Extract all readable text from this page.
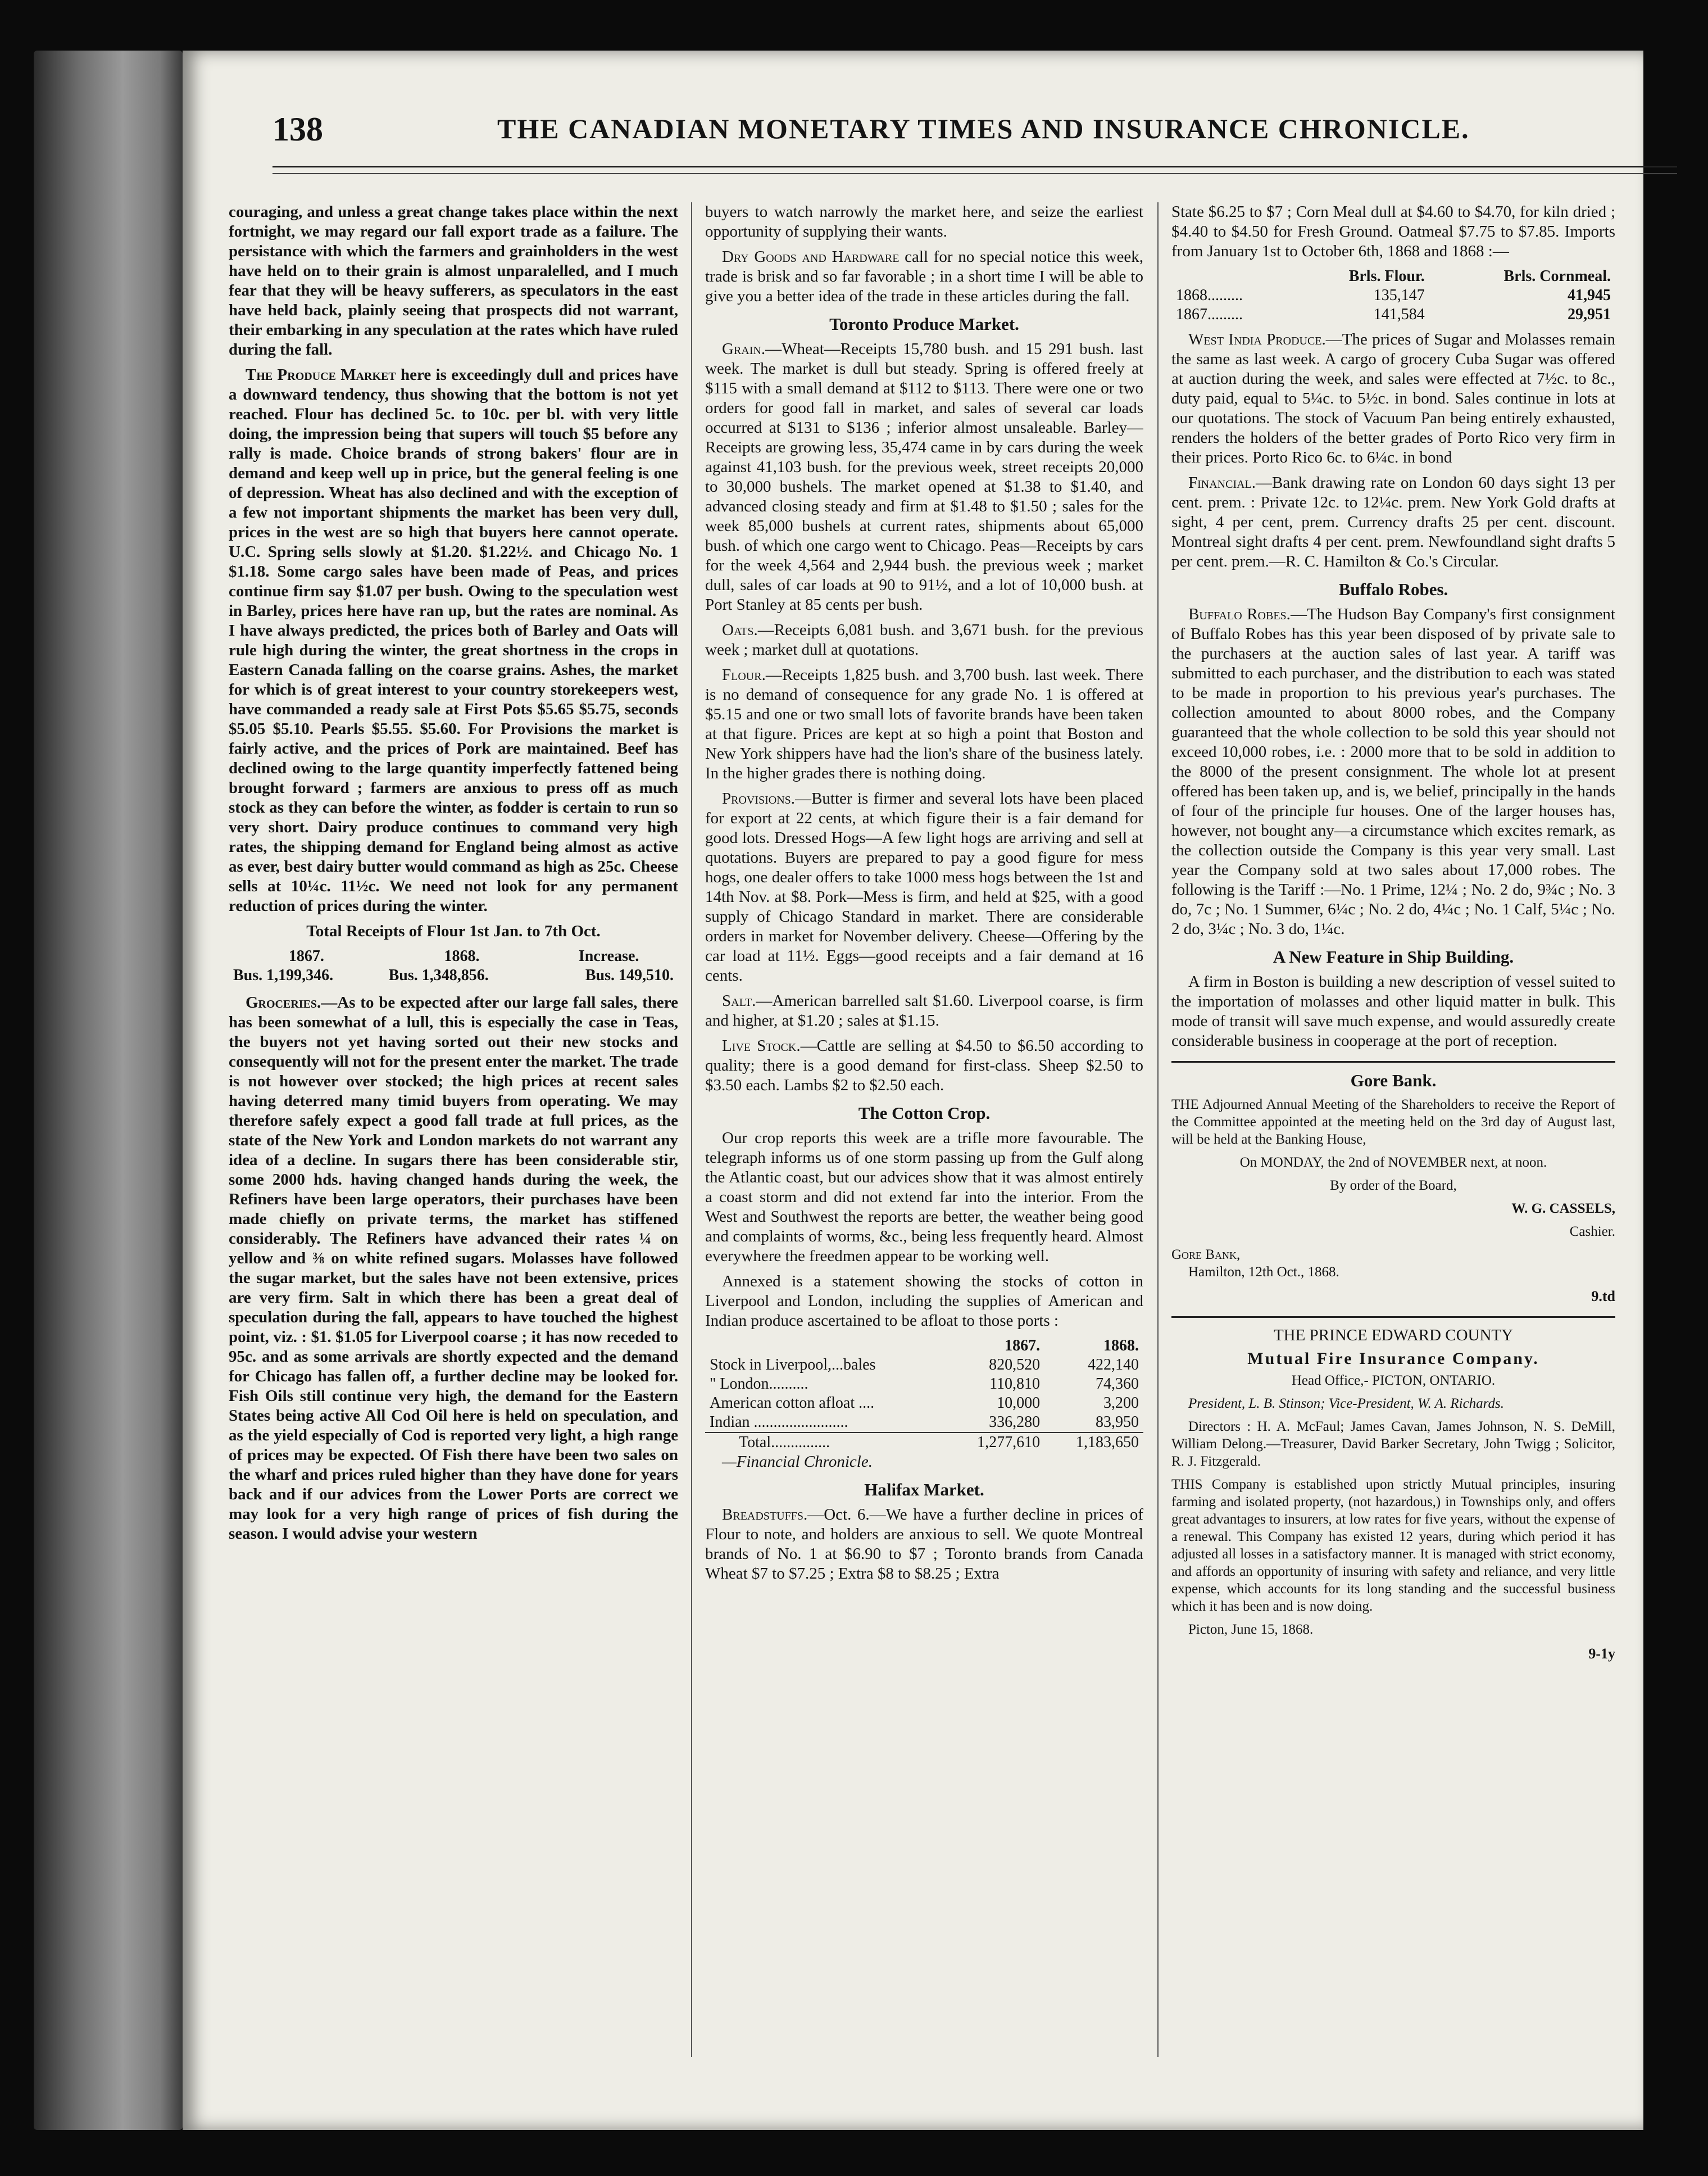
138	THE CANADIAN MONETARY TIMES AND INSURANCE CHRONICLE.

couraging, and unless a great change takes place within the next fortnight, we may regard our fall export trade as a failure. The persistance with which the farmers and grainholders in the west have held on to their grain is almost unparalelled, and I much fear that they will be heavy sufferers, as speculators in the east have held back, plainly seeing that prospects did not warrant, their embarking in any speculation at the rates which have ruled during the fall.

The Produce Market here is exceedingly dull and prices have a downward tendency, thus showing that the bottom is not yet reached. Flour has declined 5c. to 10c. per bl. with very little doing, the impression being that supers will touch $5 before any rally is made. Choice brands of strong bakers' flour are in demand and keep well up in price, but the general feeling is one of depression. Wheat has also declined and with the exception of a few not important shipments the market has been very dull, prices in the west are so high that buyers here cannot operate. U.C. Spring sells slowly at $1.20. $1.22½. and Chicago No. 1 $1.18. Some cargo sales have been made of Peas, and prices continue firm say $1.07 per bush. Owing to the speculation west in Barley, prices here have ran up, but the rates are nominal. As I have always predicted, the prices both of Barley and Oats will rule high during the winter, the great shortness in the crops in Eastern Canada falling on the coarse grains. Ashes, the market for which is of great interest to your country storekeepers west, have commanded a ready sale at First Pots $5.65 $5.75, seconds $5.05 $5.10. Pearls $5.55. $5.60. For Provisions the market is fairly active, and the prices of Pork are maintained. Beef has declined owing to the large quantity imperfectly fattened being brought forward ; farmers are anxious to press off as much stock as they can before the winter, as fodder is certain to run so very short. Dairy produce continues to command very high rates, the shipping demand for England being almost as active as ever, best dairy butter would command as high as 25c. Cheese sells at 10¼c. 11½c. We need not look for any permanent reduction of prices during the winter.

Total Receipts of Flour 1st Jan. to 7th Oct.

1867.	1868.	Increase.
Bus. 1,199,346.	Bus. 1,348,856.	Bus. 149,510.

Groceries.—As to be expected after our large fall sales, there has been somewhat of a lull, this is especially the case in Teas, the buyers not yet having sorted out their new stocks and consequently will not for the present enter the market. The trade is not however over stocked; the high prices at recent sales having deterred many timid buyers from operating. We may therefore safely expect a good fall trade at full prices, as the state of the New York and London markets do not warrant any idea of a decline. In sugars there has been considerable stir, some 2000 hds. having changed hands during the week, the Refiners have been large operators, their purchases have been made chiefly on private terms, the market has stiffened considerably. The Refiners have advanced their rates ¼ on yellow and ⅜ on white refined sugars. Molasses have followed the sugar market, but the sales have not been extensive, prices are very firm. Salt in which there has been a great deal of speculation during the fall, appears to have touched the highest point, viz. : $1. $1.05 for Liverpool coarse ; it has now receded to 95c. and as some arrivals are shortly expected and the demand for Chicago has fallen off, a further decline may be looked for. Fish Oils still continue very high, the demand for the Eastern States being active All Cod Oil here is held on speculation, and as the yield especially of Cod is reported very light, a high range of prices may be expected. Of Fish there have been two sales on the wharf and prices ruled higher than they have done for years back and if our advices from the Lower Ports are correct we may look for a very high range of prices of fish during the season. I would advise your western

buyers to watch narrowly the market here, and seize the earliest opportunity of supplying their wants.

Dry Goods and Hardware call for no special notice this week, trade is brisk and so far favorable ; in a short time I will be able to give you a better idea of the trade in these articles during the fall.

Toronto Produce Market.

Grain.—Wheat—Receipts 15,780 bush. and 15 291 bush. last week. The market is dull but steady. Spring is offered freely at $115 with a small demand at $112 to $113. There were one or two orders for good fall in market, and sales of several car loads occurred at $131 to $136 ; inferior almost unsaleable. Barley—Receipts are growing less, 35,474 came in by cars during the week against 41,103 bush. for the previous week, street receipts 20,000 to 30,000 bushels. The market opened at $1.38 to $1.40, and advanced closing steady and firm at $1.48 to $1.50 ; sales for the week 85,000 bushels at current rates, shipments about 65,000 bush. of which one cargo went to Chicago. Peas—Receipts by cars for the week 4,564 and 2,944 bush. the previous week ; market dull, sales of car loads at 90 to 91½, and a lot of 10,000 bush. at Port Stanley at 85 cents per bush.

Oats.—Receipts 6,081 bush. and 3,671 bush. for the previous week ; market dull at quotations.

Flour.—Receipts 1,825 bush. and 3,700 bush. last week. There is no demand of consequence for any grade No. 1 is offered at $5.15 and one or two small lots of favorite brands have been taken at that figure. Prices are kept at so high a point that Boston and New York shippers have had the lion's share of the business lately. In the higher grades there is nothing doing.

Provisions.—Butter is firmer and several lots have been placed for export at 22 cents, at which figure their is a fair demand for good lots. Dressed Hogs—A few light hogs are arriving and sell at quotations. Buyers are prepared to pay a good figure for mess hogs, one dealer offers to take 1000 mess hogs between the 1st and 14th Nov. at $8. Pork—Mess is firm, and held at $25, with a good supply of Chicago Standard in market. There are considerable orders in market for November delivery. Cheese—Offering by the car load at 11½. Eggs—good receipts and a fair demand at 16 cents.

Salt.—American barrelled salt $1.60. Liverpool coarse, is firm and higher, at $1.20 ; sales at $1.15.

Live Stock.—Cattle are selling at $4.50 to $6.50 according to quality; there is a good demand for first-class. Sheep $2.50 to $3.50 each. Lambs $2 to $2.50 each.

The Cotton Crop.

Our crop reports this week are a trifle more favourable. The telegraph informs us of one storm passing up from the Gulf along the Atlantic coast, but our advices show that it was almost entirely a coast storm and did not extend far into the interior. From the West and Southwest the reports are better, the weather being good and complaints of worms, &c., being less frequently heard. Almost everywhere the freedmen appear to be working well.

Annexed is a statement showing the stocks of cotton in Liverpool and London, including the supplies of American and Indian produce ascertained to be afloat to those ports :

	1867.	1868.
Stock in Liverpool,...bales	820,520	422,140
" London..........	110,810	74,360
American cotton afloat ....	10,000	3,200
Indian ........................	336,280	83,950
Total...............	1,277,610	1,183,650

—Financial Chronicle.

Halifax Market.

Breadstuffs.—Oct. 6.—We have a further decline in prices of Flour to note, and holders are anxious to sell. We quote Montreal brands of No. 1 at $6.90 to $7 ; Toronto brands from Canada Wheat $7 to $7.25 ; Extra $8 to $8.25 ; Extra

State $6.25 to $7 ; Corn Meal dull at $4.60 to $4.70, for kiln dried ; $4.40 to $4.50 for Fresh Ground. Oatmeal $7.75 to $7.85. Imports from January 1st to October 6th, 1868 and 1868 :—

	Brls. Flour.	Brls. Cornmeal.
1868.........	135,147	41,945
1867.........	141,584	29,951

West India Produce.—The prices of Sugar and Molasses remain the same as last week. A cargo of grocery Cuba Sugar was offered at auction during the week, and sales were effected at 7½c. to 8c., duty paid, equal to 5¼c. to 5½c. in bond. Sales continue in lots at our quotations. The stock of Vacuum Pan being entirely exhausted, renders the holders of the better grades of Porto Rico very firm in their prices. Porto Rico 6c. to 6¼c. in bond

Financial.—Bank drawing rate on London 60 days sight 13 per cent. prem. : Private 12c. to 12¼c. prem. New York Gold drafts at sight, 4 per cent, prem. Currency drafts 25 per cent. discount. Montreal sight drafts 4 per cent. prem. Newfoundland sight drafts 5 per cent. prem.—R. C. Hamilton & Co.'s Circular.

Buffalo Robes.

Buffalo Robes.—The Hudson Bay Company's first consignment of Buffalo Robes has this year been disposed of by private sale to the purchasers at the auction sales of last year. A tariff was submitted to each purchaser, and the distribution to each was stated to be made in proportion to his previous year's purchases. The collection amounted to about 8000 robes, and the Company guaranteed that the whole collection to be sold this year should not exceed 10,000 robes, i.e. : 2000 more that to be sold in addition to the 8000 of the present consignment. The whole lot at present offered has been taken up, and is, we belief, principally in the hands of four of the principle fur houses. One of the larger houses has, however, not bought any—a circumstance which excites remark, as the collection outside the Company is this year very small. Last year the Company sold at two sales about 17,000 robes. The following is the Tariff :—No. 1 Prime, 12¼ ; No. 2 do, 9¾c ; No. 3 do, 7c ; No. 1 Summer, 6¼c ; No. 2 do, 4¼c ; No. 1 Calf, 5¼c ; No. 2 do, 3¼c ; No. 3 do, 1¼c.

A New Feature in Ship Building.

A firm in Boston is building a new description of vessel suited to the importation of molasses and other liquid matter in bulk. This mode of transit will save much expense, and would assuredly create considerable business in cooperage at the port of reception.

Gore Bank.

THE Adjourned Annual Meeting of the Shareholders to receive the Report of the Committee appointed at the meeting held on the 3rd day of August last, will be held at the Banking House,

On MONDAY, the 2nd of NOVEMBER next, at noon.

By order of the Board,

W. G. CASSELS,

Cashier.

Gore Bank,

Hamilton, 12th Oct., 1868.

9.td
THE PRINCE EDWARD COUNTY
Mutual Fire Insurance Company.

Head Office,- PICTON, ONTARIO.

President, L. B. Stinson; Vice-President, W. A. Richards.

Directors : H. A. McFaul; James Cavan, James Johnson, N. S. DeMill, William Delong.—Treasurer, David Barker Secretary, John Twigg ; Solicitor, R. J. Fitzgerald.

THIS Company is established upon strictly Mutual principles, insuring farming and isolated property, (not hazardous,) in Townships only, and offers great advantages to insurers, at low rates for five years, without the expense of a renewal. This Company has existed 12 years, during which period it has adjusted all losses in a satisfactory manner. It is managed with strict economy, and affords an opportunity of insuring with safety and reliance, and very little expense, which accounts for its long standing and the successful business which it has been and is now doing.

Picton, June 15, 1868.

9-1y
